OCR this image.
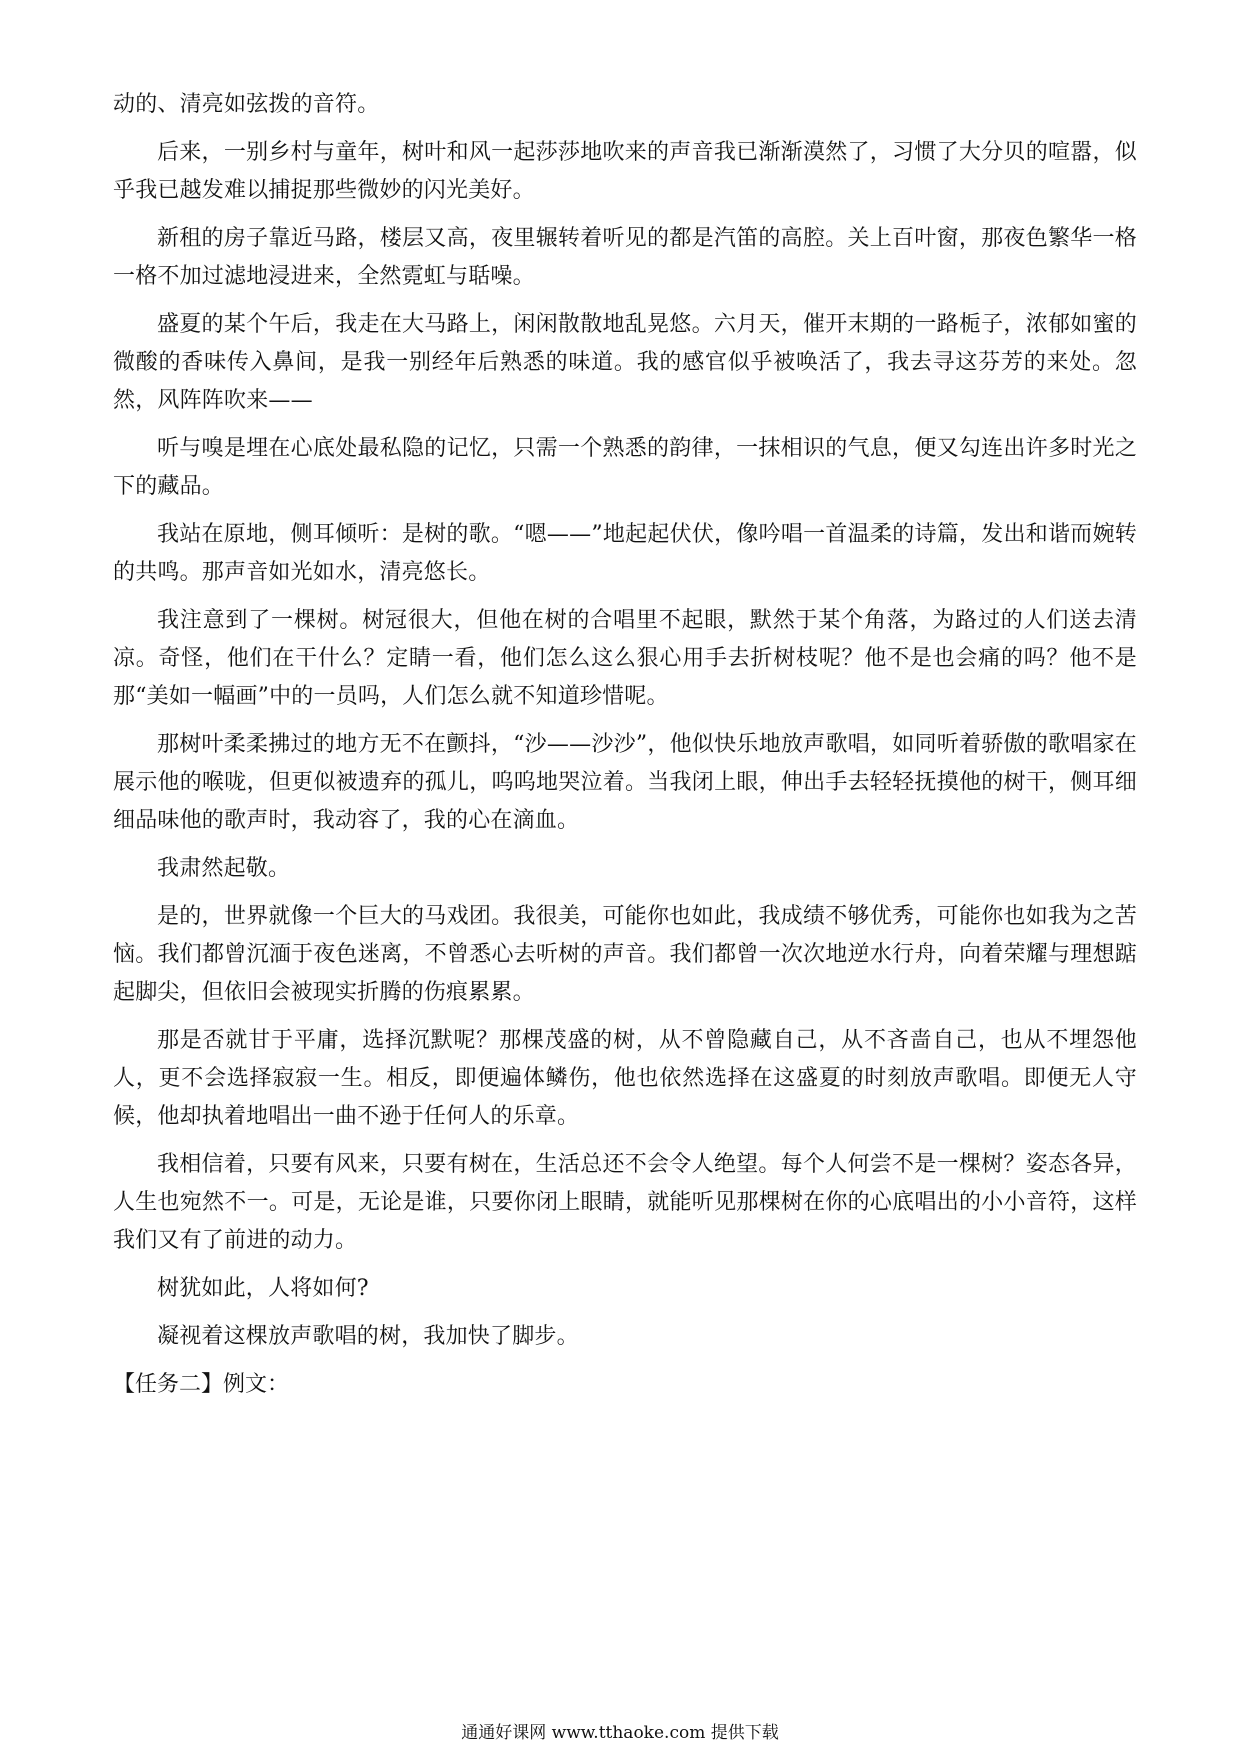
动的、清亮如弦拨的音符。

后来，一别乡村与童年，树叶和风一起莎莎地吹来的声音我已渐渐漠然了，习惯了大分贝的喧嚣，似乎我已越发难以捕捉那些微妙的闪光美好。

新租的房子靠近马路，楼层又高，夜里辗转着听见的都是汽笛的高腔。关上百叶窗，那夜色繁华一格一格不加过滤地浸进来，全然霓虹与聒噪。

盛夏的某个午后，我走在大马路上，闲闲散散地乱晃悠。六月天，催开末期的一路栀子，浓郁如蜜的微酸的香味传入鼻间，是我一别经年后熟悉的味道。我的感官似乎被唤活了，我去寻这芬芳的来处。忽然，风阵阵吹来——

听与嗅是埋在心底处最私隐的记忆，只需一个熟悉的韵律，一抹相识的气息，便又勾连出许多时光之下的藏品。

我站在原地，侧耳倾听：是树的歌。“嗯——”地起起伏伏，像吟唱一首温柔的诗篇，发出和谐而婉转的共鸣。那声音如光如水，清亮悠长。

我注意到了一棵树。树冠很大，但他在树的合唱里不起眼，默然于某个角落，为路过的人们送去清凉。奇怪，他们在干什么？定睛一看，他们怎么这么狠心用手去折树枝呢？他不是也会痛的吗？他不是那“美如一幅画”中的一员吗，人们怎么就不知道珍惜呢。

那树叶柔柔拂过的地方无不在颤抖，“沙——沙沙”，他似快乐地放声歌唱，如同听着骄傲的歌唱家在展示他的喉咙，但更似被遗弃的孤儿，呜呜地哭泣着。当我闭上眼，伸出手去轻轻抚摸他的树干，侧耳细细品味他的歌声时，我动容了，我的心在滴血。

我肃然起敬。

是的，世界就像一个巨大的马戏团。我很美，可能你也如此，我成绩不够优秀，可能你也如我为之苦恼。我们都曾沉湎于夜色迷离，不曾悉心去听树的声音。我们都曾一次次地逆水行舟，向着荣耀与理想踮起脚尖，但依旧会被现实折腾的伤痕累累。

那是否就甘于平庸，选择沉默呢？那棵茂盛的树，从不曾隐藏自己，从不吝啬自己，也从不埋怨他人，更不会选择寂寂一生。相反，即便遍体鳞伤，他也依然选择在这盛夏的时刻放声歌唱。即便无人守候，他却执着地唱出一曲不逊于任何人的乐章。

我相信着，只要有风来，只要有树在，生活总还不会令人绝望。每个人何尝不是一棵树？姿态各异，人生也宛然不一。可是，无论是谁，只要你闭上眼睛，就能听见那棵树在你的心底唱出的小小音符，这样我们又有了前进的动力。

树犹如此，人将如何?

凝视着这棵放声歌唱的树，我加快了脚步。

【任务二】例文：

通通好课网 www.tthaoke.com 提供下载
